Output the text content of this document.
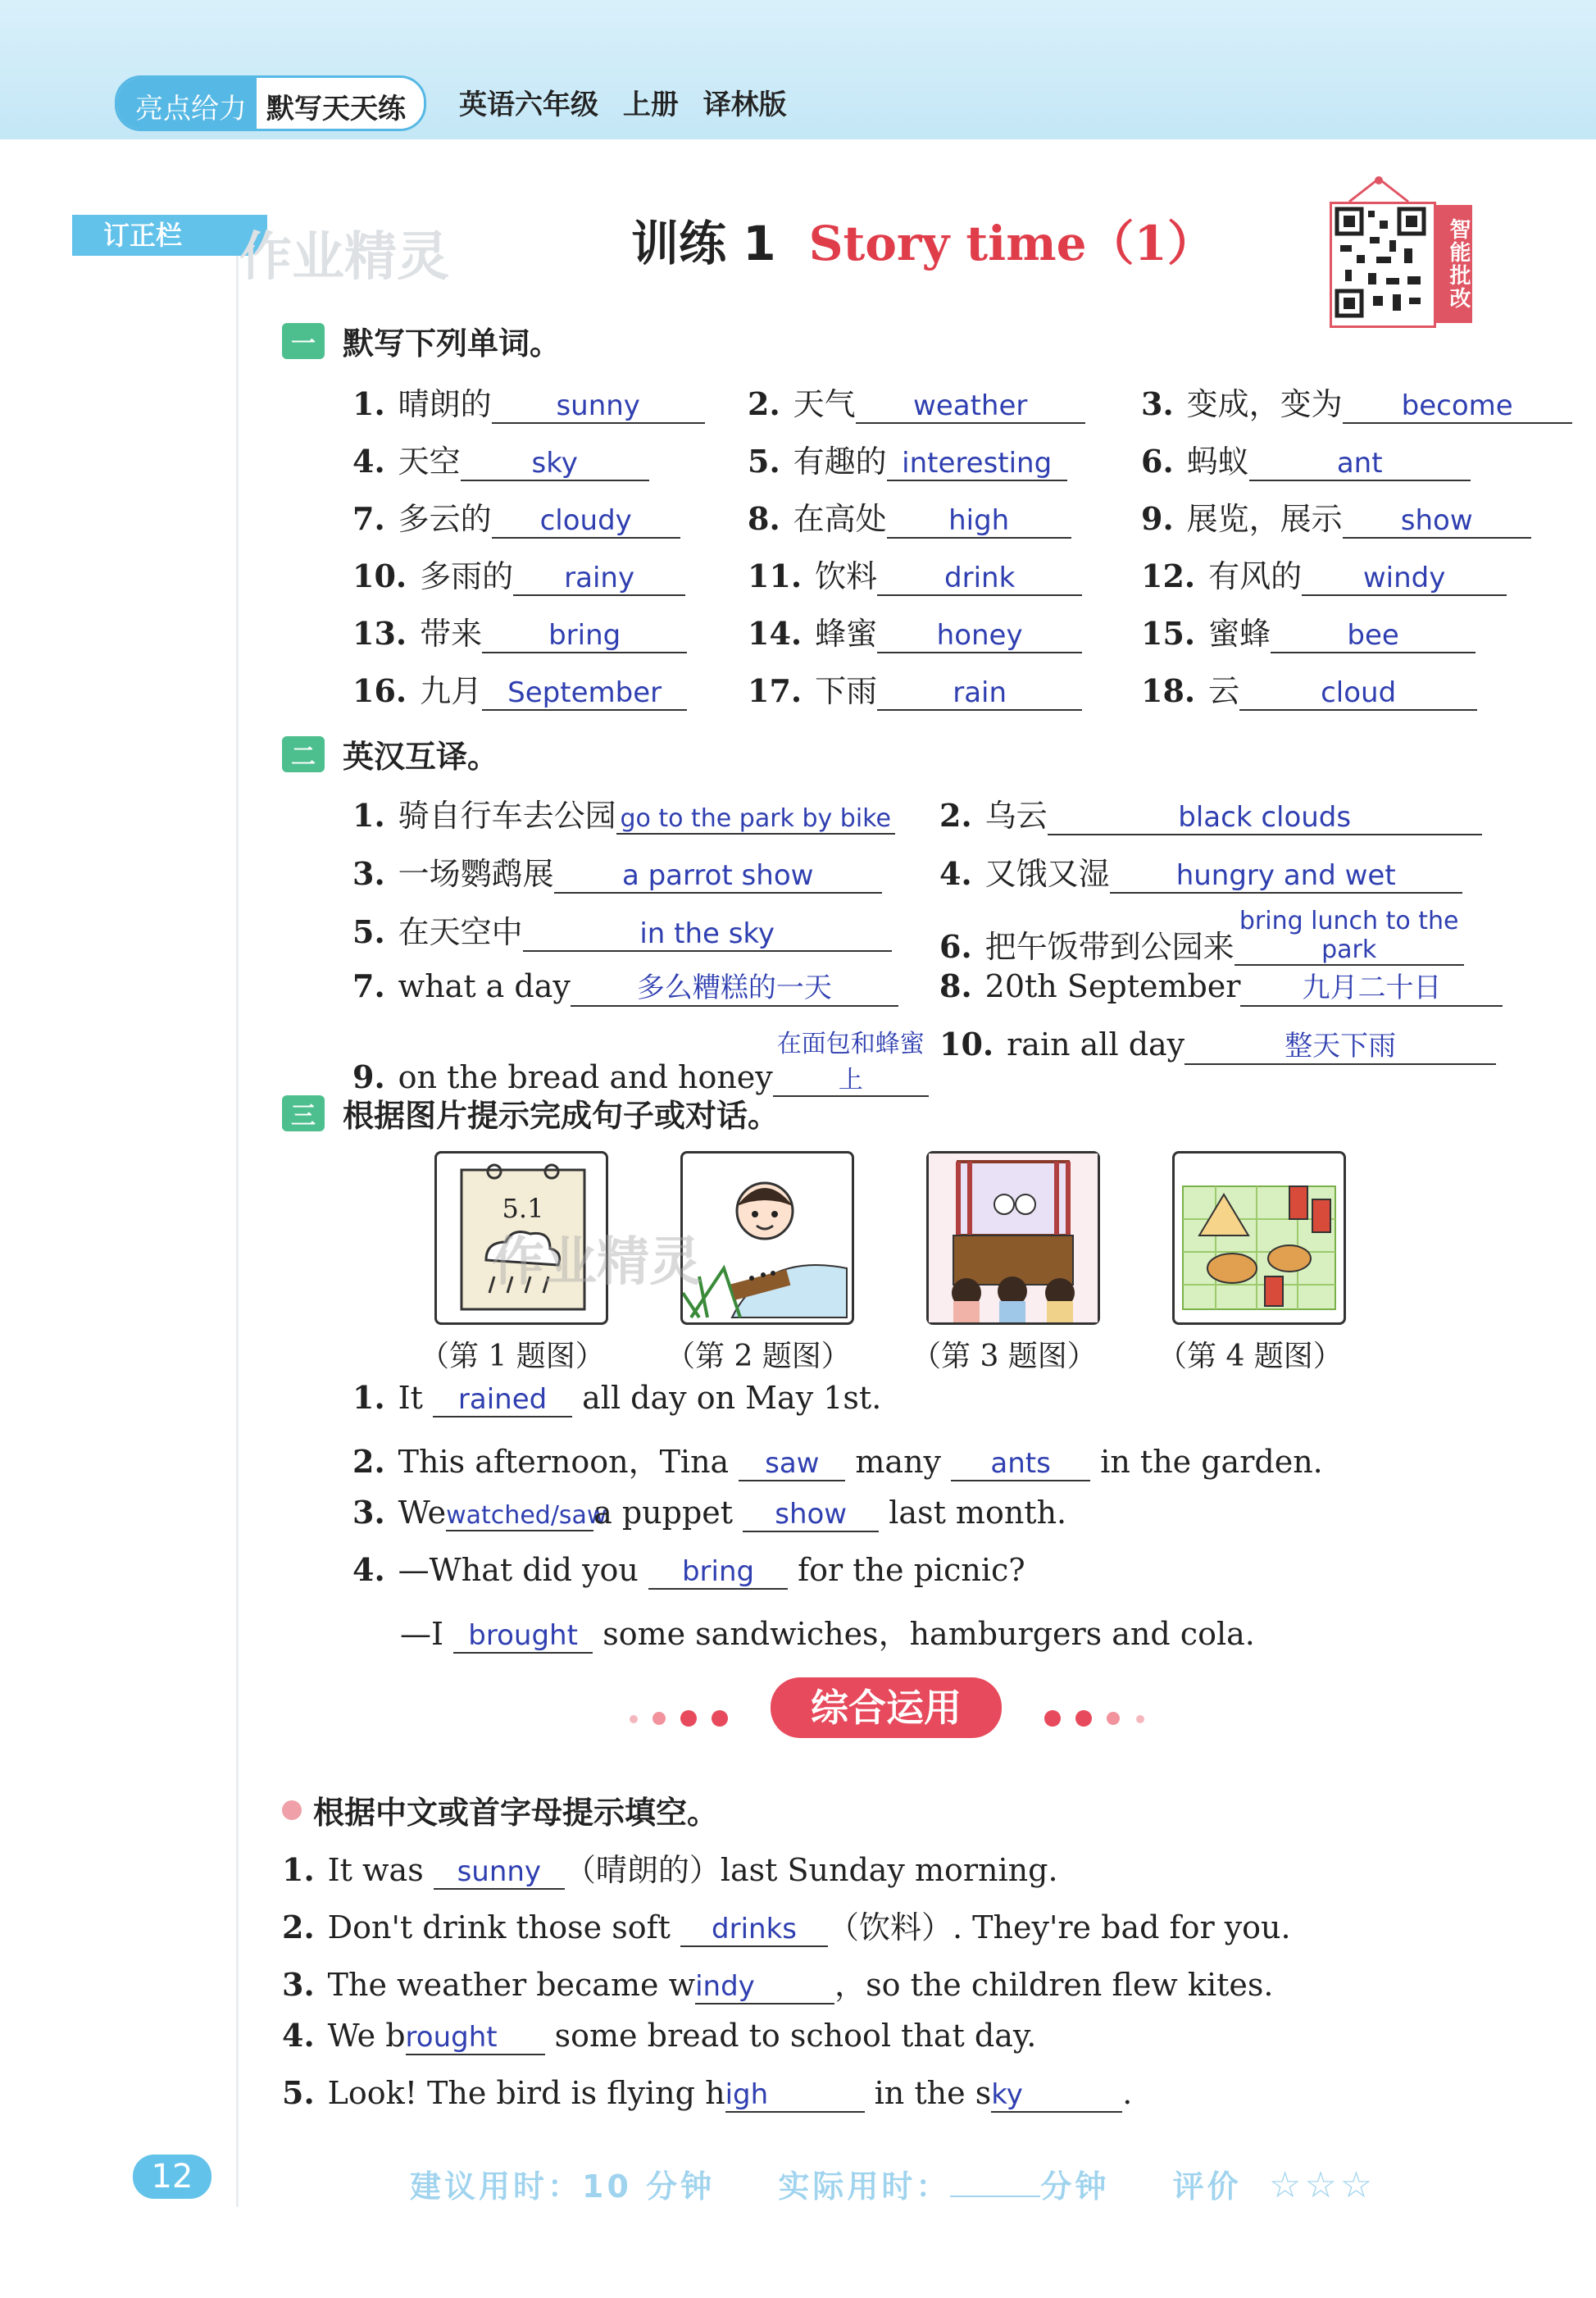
亮点给力 默写天天练	英语六年级 上册 译林版
订正栏	作业精灵	训练 1 Story time（1）	智能批改
一 默写下列单词。
1. 晴朗的 sunny	2. 天气 weather	3. 变成，变为 become
4. 天空	sky	5. 有趣的 interesting	6. 蚂蚁	ant
7. 多云的 cloudy	8. 在高处 high	9. 展览，展示 show
10. 多雨的 rainy	11. 饮料 drink	12. 有风的 windy
13. 带来 bring	14. 蜂蜜 honey	15. 蜜蜂	bee
16. 九月 September	17. 下雨	rain	18. 云	cloud
二 英汉互译。
1. 骑自行车去公园 go to the park by bike 2. 乌云	black clouds
3. 一场鹦鹉展 a parrot show	4. 又饿又湿 hungry and wet
5. 在天空中	in the sky	6. 把午饭带到公园来bring lunch to the park
7. what a day 多么糟糕的一天	8. 20th September 九月二十日
9. on the bread and honey在面包和蜂蜜上
10. rain all day	整天下雨
三 根据图片提示完成句子或对话。
5.1
（第 1 题图） （第 2 题图） （第 3 题图） （第 4 题图）
作业精灵
1. It rained all day on May 1st.
2. This afternoon，Tina saw many ants in the garden.
3. Wewatched/sawa puppet show last month.
4. —What did you bring for the picnic?
—I brought some sandwiches，hamburgers and cola.
综合运用
根据中文或首字母提示填空。
1. It was sunny （晴朗的）last Sunday morning.
2. Don't drink those soft drinks （饮料）. They're bad for you.
3. The weather became windy	，so the children flew kites.
4. We brought some bread to school that day.
5. Look! The bird is flying high	in the sky	.
12	建议用时：10 分钟 实际用时：	分钟 评价 ☆☆☆
